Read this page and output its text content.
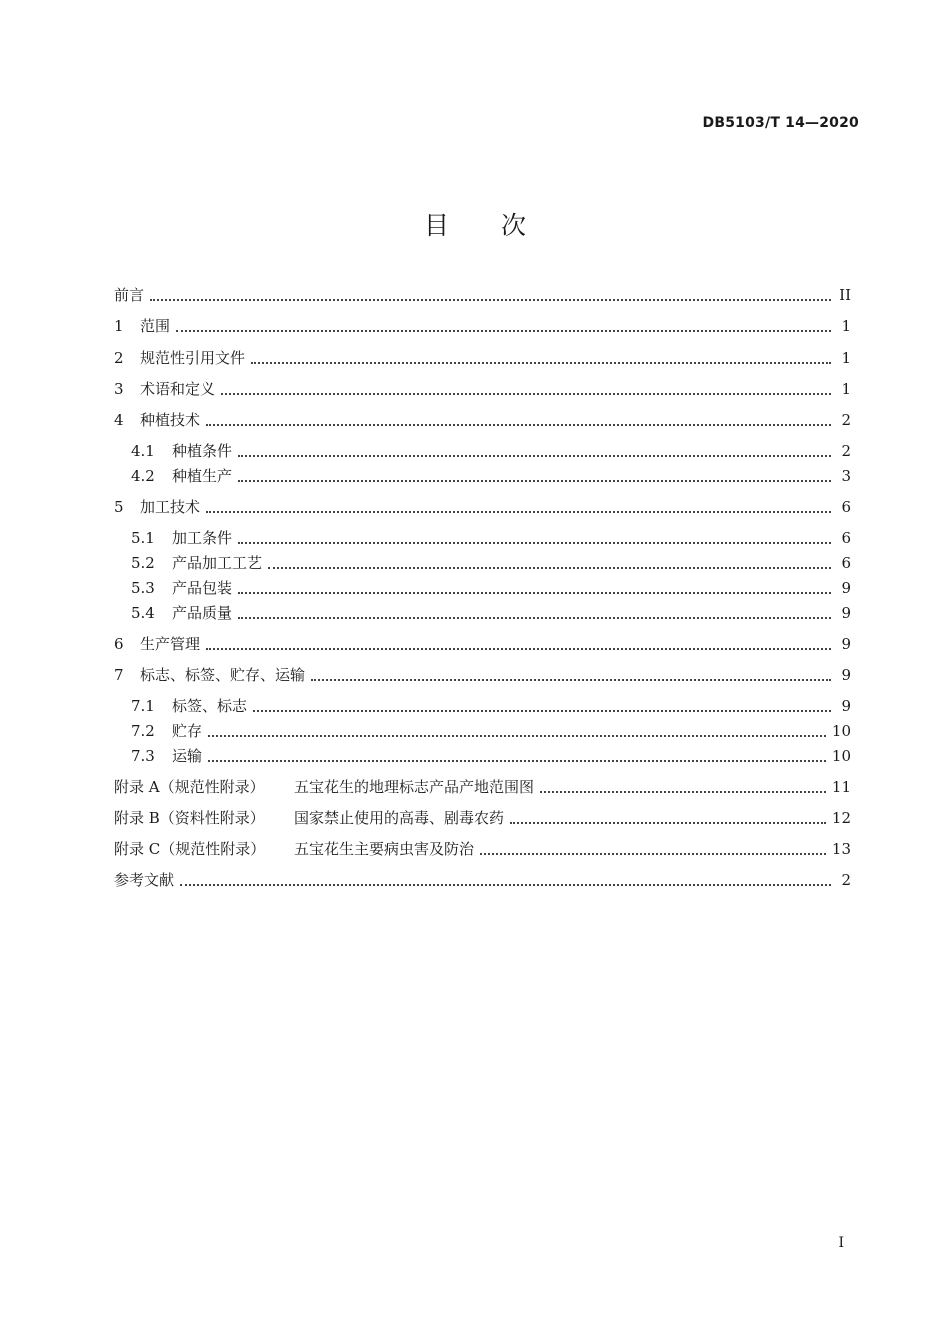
DB5103/T 14—2020
目 次
前言	II
1	范围	1
2	规范性引用文件	1
3	术语和定义	1
4	种植技术	2
4.1	种植条件	2
4.2	种植生产	3
5	加工技术	6
5.1	加工条件	6
5.2	产品加工工艺	6
5.3	产品包装	9
5.4	产品质量	9
6	生产管理	9
7	标志、标签、贮存、运输	9
7.1	标签、标志	9
7.2	贮存	10
7.3	运输	10
附录 A（规范性附录）	五宝花生的地理标志产品产地范围图	11
附录 B（资料性附录）	国家禁止使用的高毒、剧毒农药	12
附录 C（规范性附录）	五宝花生主要病虫害及防治	13
参考文献	2
I
